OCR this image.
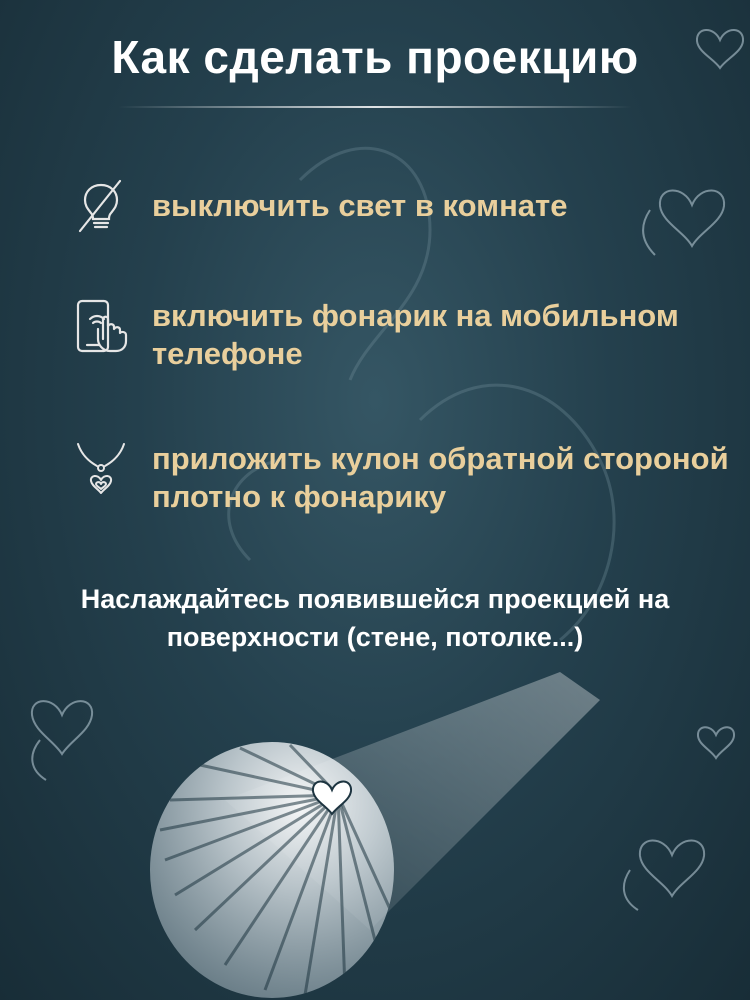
Как сделать проекцию
выключить свет в комнате
включить фонарик на мобильном телефоне
приложить кулон обратной стороной плотно к фонарику
Наслаждайтесь появившейся проекцией на поверхности (стене, потолке...)
